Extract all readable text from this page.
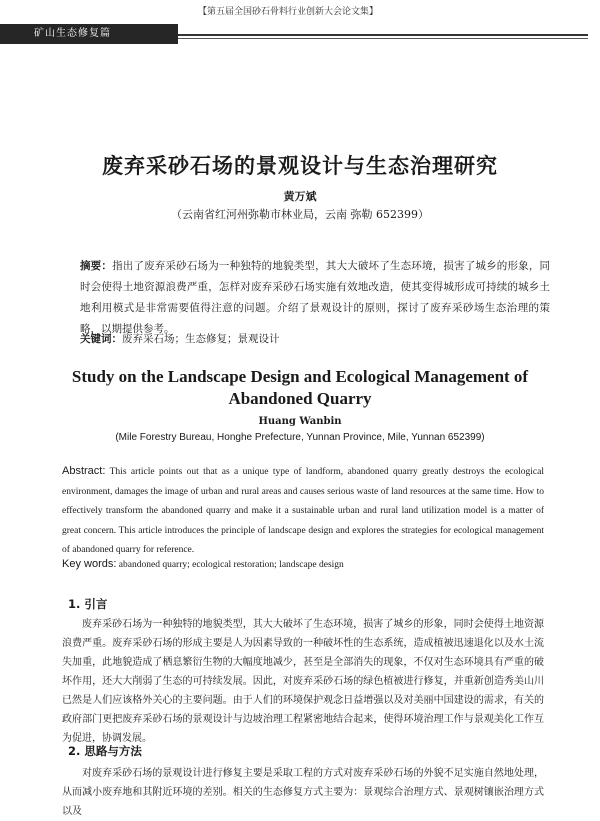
【第五届全国砂石骨料行业创新大会论文集】
矿山生态修复篇
废弃采砂石场的景观设计与生态治理研究
黄万斌
（云南省红河州弥勒市林业局，云南 弥勒 652399）
摘要：指出了废弃采砂石场为一种独特的地貌类型，其大大破坏了生态环境，损害了城乡的形象，同时会使得土地资源浪费严重，怎样对废弃采砂石场实施有效地改造，使其变得城形成可持续的城乡土地利用模式是非常需要值得注意的问题。介绍了景观设计的原则，探讨了废弃采砂场生态治理的策略，以期提供参考。
关键词：废弃采石场；生态修复；景观设计
Study on the Landscape Design and Ecological Management of Abandoned Quarry
Huang Wanbin
(Mile Forestry Bureau, Honghe Prefecture, Yunnan Province, Mile, Yunnan 652399)
Abstract: This article points out that as a unique type of landform, abandoned quarry greatly destroys the ecological environment, damages the image of urban and rural areas and causes serious waste of land resources at the same time. How to effectively transform the abandoned quarry and make it a sustainable urban and rural land utilization model is a matter of great concern. This article introduces the principle of landscape design and explores the strategies for ecological management of abandoned quarry for reference.
Key words: abandoned quarry; ecological restoration; landscape design
1. 引言
废弃采砂石场为一种独特的地貌类型，其大大破坏了生态环境，损害了城乡的形象，同时会使得土地资源浪费严重。废弃采砂石场的形成主要是人为因素导致的一种破坏性的生态系统，造成植被迅速退化以及水土流失加重，此地貌造成了栖息繁衍生物的大幅度地减少，甚至是全部消失的现象，不仅对生态环境具有严重的破坏作用，还大大削弱了生态的可持续发展。因此，对废弃采砂石场的绿色植被进行修复，并重新创造秀美山川已然是人们应该格外关心的主要问题。由于人们的环境保护观念日益增强以及对美丽中国建设的需求，有关的政府部门更把废弃采砂石场的景观设计与边坡治理工程紧密地结合起来，使得环境治理工作与景观美化工作互为促进，协调发展。
2. 思路与方法
对废弃采砂石场的景观设计进行修复主要是采取工程的方式对废弃采砂石场的外貌不足实施自然地处理，从而减小废弃地和其附近环境的差别。相关的生态修复方式主要为：景观综合治理方式、景观树镶嵌治理方式以及
